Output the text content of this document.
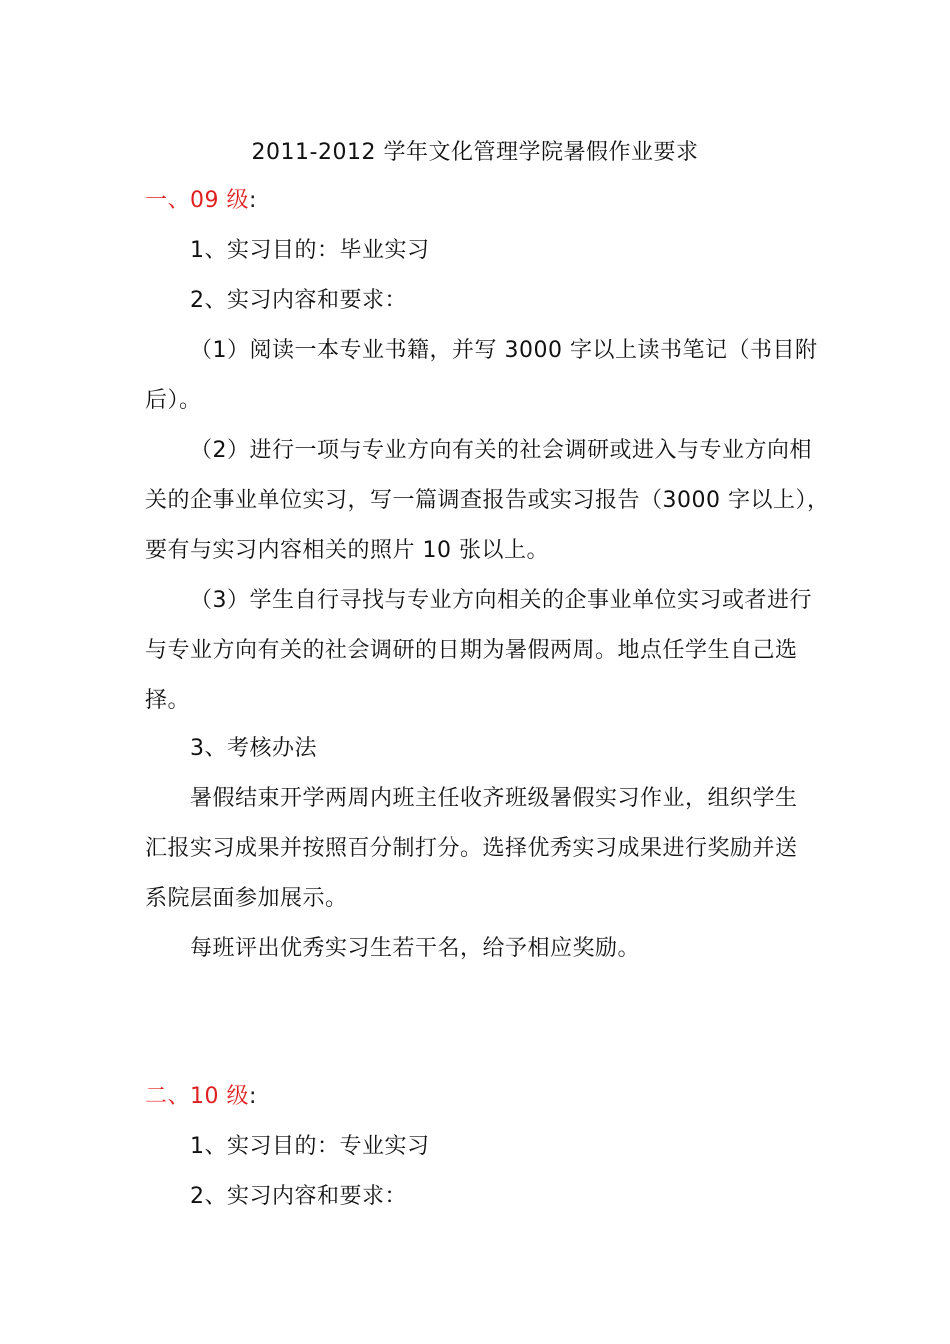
2011-2012 学年文化管理学院暑假作业要求
一、09 级:
1、实习目的：毕业实习
2、实习内容和要求：
（1）阅读一本专业书籍，并写 3000 字以上读书笔记（书目附
后）。
（2）进行一项与专业方向有关的社会调研或进入与专业方向相
关的企事业单位实习，写一篇调查报告或实习报告（3000 字以上），
要有与实习内容相关的照片 10 张以上。
（3）学生自行寻找与专业方向相关的企事业单位实习或者进行
与专业方向有关的社会调研的日期为暑假两周。地点任学生自己选
择。
3、考核办法
暑假结束开学两周内班主任收齐班级暑假实习作业，组织学生
汇报实习成果并按照百分制打分。选择优秀实习成果进行奖励并送
系院层面参加展示。
每班评出优秀实习生若干名，给予相应奖励。
二、10 级:
1、实习目的：专业实习
2、实习内容和要求：
